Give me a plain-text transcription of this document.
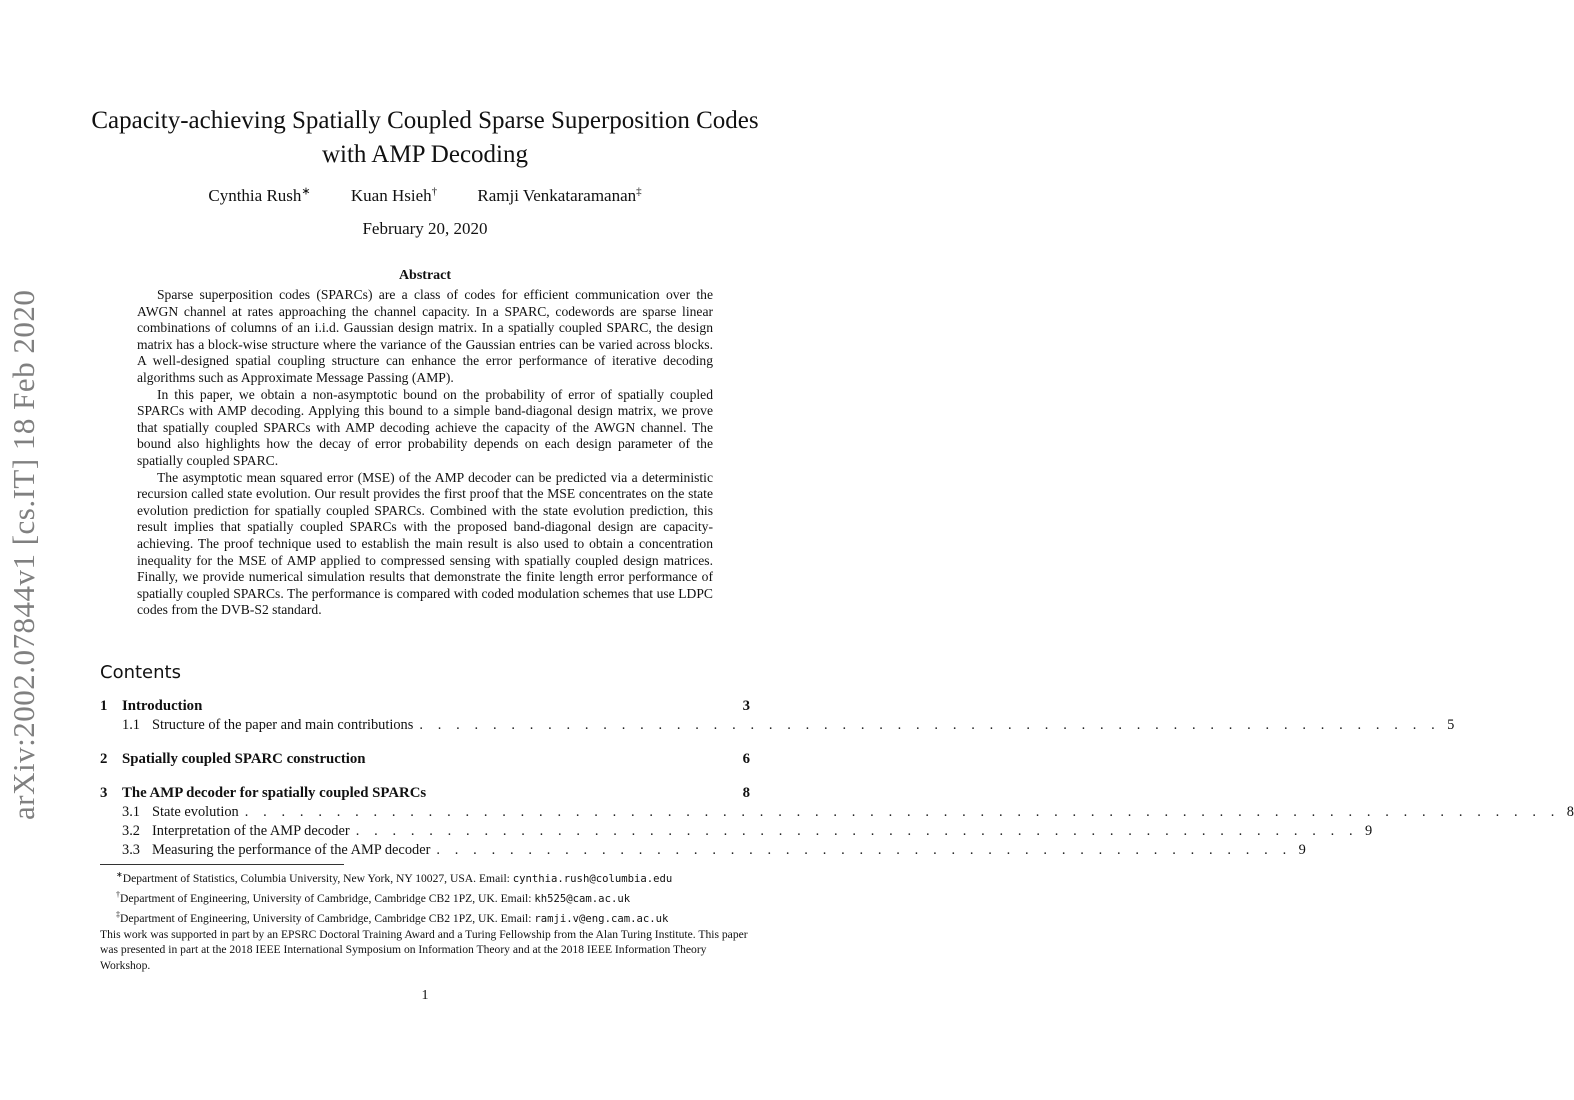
arXiv:2002.07844v1 [cs.IT] 18 Feb 2020
Capacity-achieving Spatially Coupled Sparse Superposition Codes
with AMP Decoding
Cynthia Rush∗ Kuan Hsieh† Ramji Venkataramanan‡
February 20, 2020
Abstract

Sparse superposition codes (SPARCs) are a class of codes for efficient communication over the AWGN channel at rates approaching the channel capacity. In a SPARC, codewords are sparse linear combinations of columns of an i.i.d. Gaussian design matrix. In a spatially coupled SPARC, the design matrix has a block-wise structure where the variance of the Gaussian entries can be varied across blocks. A well-designed spatial coupling structure can enhance the error performance of iterative decoding algorithms such as Approximate Message Passing (AMP).

In this paper, we obtain a non-asymptotic bound on the probability of error of spatially coupled SPARCs with AMP decoding. Applying this bound to a simple band-diagonal design matrix, we prove that spatially coupled SPARCs with AMP decoding achieve the capacity of the AWGN channel. The bound also highlights how the decay of error probability depends on each design parameter of the spatially coupled SPARC.

The asymptotic mean squared error (MSE) of the AMP decoder can be predicted via a deterministic recursion called state evolution. Our result provides the first proof that the MSE concentrates on the state evolution prediction for spatially coupled SPARCs. Combined with the state evolution prediction, this result implies that spatially coupled SPARCs with the proposed band-diagonal design are capacity-achieving. The proof technique used to establish the main result is also used to obtain a concentration inequality for the MSE of AMP applied to compressed sensing with spatially coupled design matrices. Finally, we provide numerical simulation results that demonstrate the finite length error performance of spatially coupled SPARCs. The performance is compared with coded modulation schemes that use LDPC codes from the DVB-S2 standard.

Contents
1 Introduction	3
1.1 Structure of the paper and main contributions . . . . . . . . . . . . . . . . . . . . . . . . . . . . . . . . . . . . . . . . . . . . . . . . . . . . . . . . 5
2 Spatially coupled SPARC construction	6
3 The AMP decoder for spatially coupled SPARCs	8
3.1 State evolution . . . . . . . . . . . . . . . . . . . . . . . . . . . . . . . . . . . . . . . . . . . . . . . . . . . . . . . . . . . . . . . . . . . . . . . . 8
3.2 Interpretation of the AMP decoder . . . . . . . . . . . . . . . . . . . . . . . . . . . . . . . . . . . . . . . . . . . . . . . . . . . . . . . 9
3.3 Measuring the performance of the AMP decoder . . . . . . . . . . . . . . . . . . . . . . . . . . . . . . . . . . . . . . . . . . . . . . . 9

∗Department of Statistics, Columbia University, New York, NY 10027, USA. Email: cynthia.rush@columbia.edu

†Department of Engineering, University of Cambridge, Cambridge CB2 1PZ, UK. Email: kh525@cam.ac.uk

‡Department of Engineering, University of Cambridge, Cambridge CB2 1PZ, UK. Email: ramji.v@eng.cam.ac.uk

This work was supported in part by an EPSRC Doctoral Training Award and a Turing Fellowship from the Alan Turing Institute. This paper was presented in part at the 2018 IEEE International Symposium on Information Theory and at the 2018 IEEE Information Theory Workshop.

1
